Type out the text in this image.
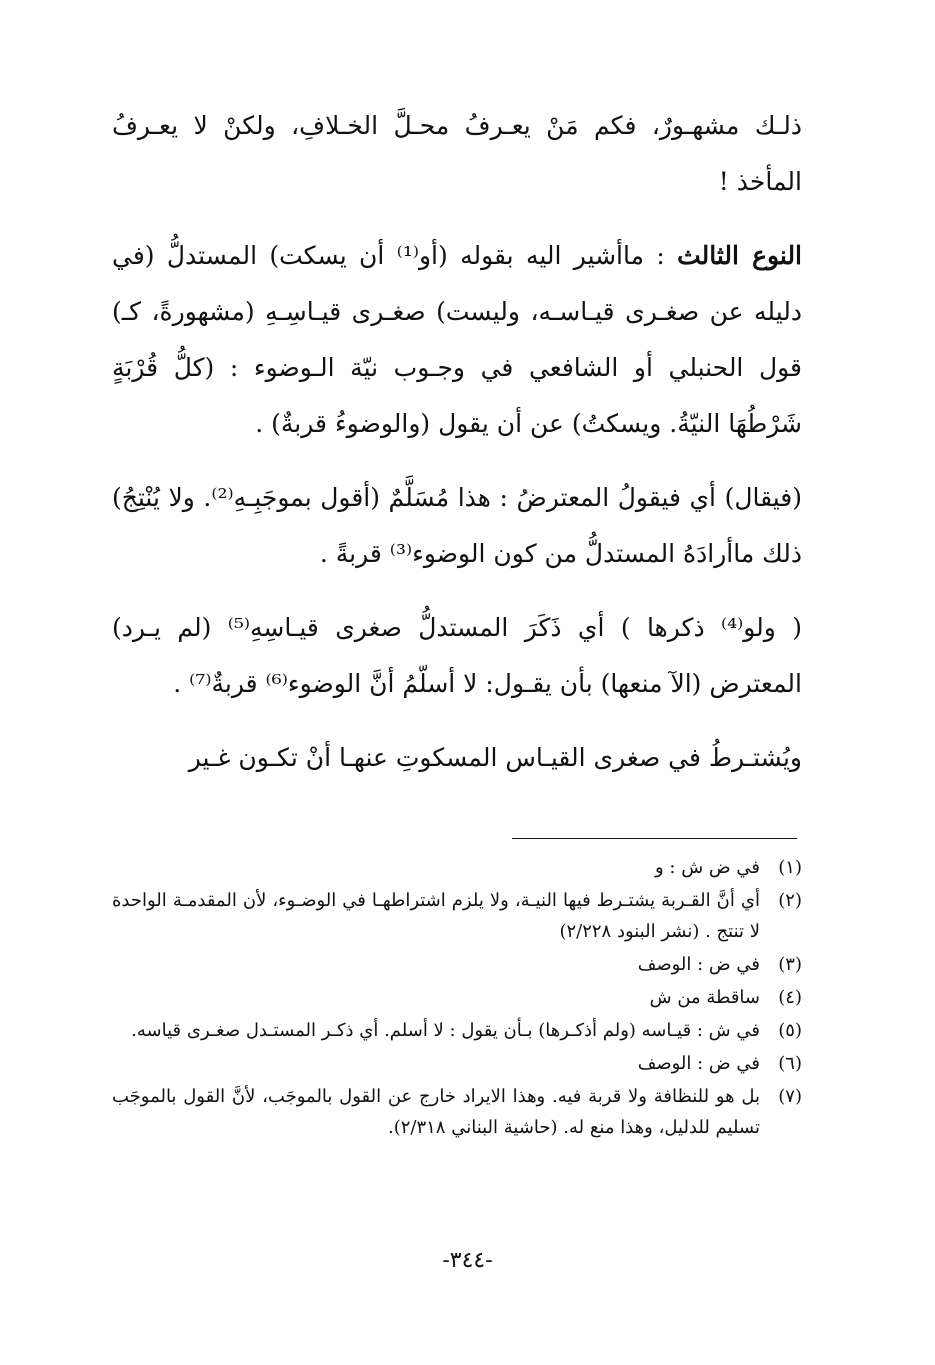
ذلـك مشهـورٌ، فكم مَنْ يعـرفُ محـلَّ الخـلافِ، ولكنْ لا يعـرفُ المأخذ !

النوع الثالث : ماأشير اليه بقوله (أو⁽¹⁾ أن يسكت) المستدلُّ (في دليله عن صغـرى قيـاسـه، وليست) صغـرى قيـاسِـهِ (مشهورةً، كـ) قول الحنبلي أو الشافعي في وجـوب نيّة الـوضوء : (كلُّ قُرْبَةٍ شَرْطُهَا النيّةُ. ويسكتُ) عن أن يقول (والوضوءُ قربةٌ) .

(فيقال) أي فيقولُ المعترضُ : هذا مُسَلَّمٌ (أقول بموجَبِـهِ⁽²⁾. ولا يُنْتِجُ) ذلك ماأرادَهُ المستدلُّ من كون الوضوء⁽³⁾ قربةً .

( ولو⁽⁴⁾ ذكرها ) أي ذَكَرَ المستدلُّ صغرى قيـاسِهِ⁽⁵⁾ (لم يـرد) المعترض (الآ منعها) بأن يقـول: لا أسلّمُ أنَّ الوضوء⁽⁶⁾ قربةٌ⁽⁷⁾ .

ويُشتـرطُ في صغرى القيـاس المسكوتِ عنهـا أنْ تكـون غـير

(١)
في ض ش : و
(٢)
أي أنَّ القـربة يشتـرط فيها النيـة، ولا يلزم اشتراطهـا في الوضـوء، لأن المقدمـة الواحدة لا تنتج . (نشر البنود ٢/٢٢٨)
(٣)
في ض : الوصف
(٤)
ساقطة من ش
(٥)
في ش : قيـاسه (ولم أذكـرها) بـأن يقول : لا أسلم. أي ذكـر المستـدل صغـرى قياسه.
(٦)
في ض : الوصف
(٧)
بل هو للنظافة ولا قربة فيه. وهذا الايراد خارج عن القول بالموجَب، لأنَّ القول بالموجَب تسليم للدليل، وهذا منع له. (حاشية البناني ٢/٣١٨).
-٣٤٤-
